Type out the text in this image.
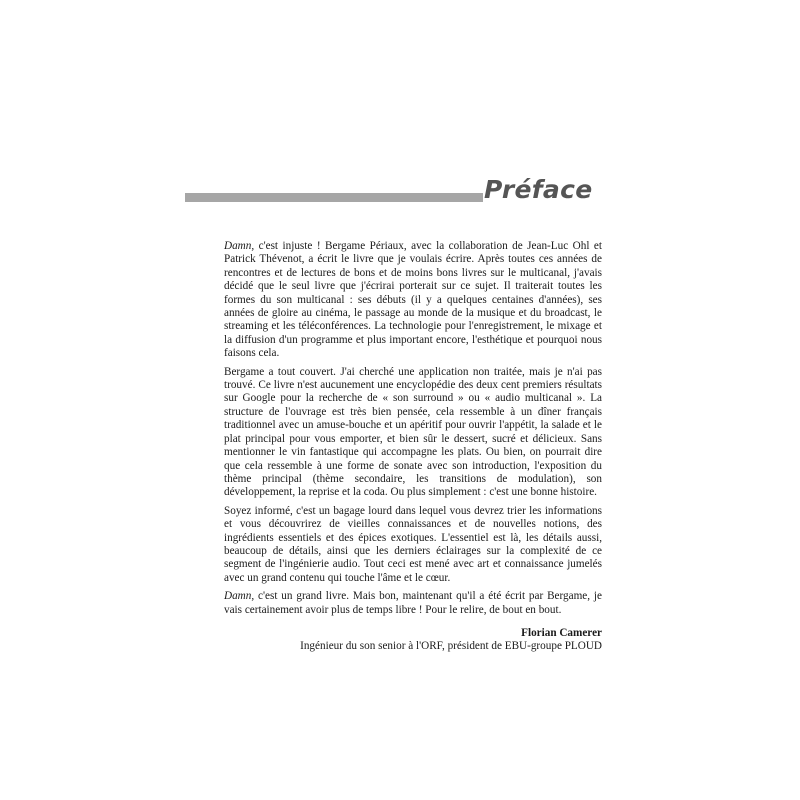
Préface

Damn, c'est injuste ! Bergame Périaux, avec la collaboration de Jean-Luc Ohl et Patrick Thévenot, a écrit le livre que je voulais écrire. Après toutes ces années de rencontres et de lectures de bons et de moins bons livres sur le multicanal, j'avais décidé que le seul livre que j'écrirai porterait sur ce sujet. Il traiterait toutes les formes du son multicanal : ses débuts (il y a quelques centaines d'années), ses années de gloire au cinéma, le passage au monde de la musique et du broadcast, le streaming et les téléconférences. La technologie pour l'enregistrement, le mixage et la diffusion d'un programme et plus important encore, l'esthétique et pourquoi nous faisons cela.

Bergame a tout couvert. J'ai cherché une application non traitée, mais je n'ai pas trouvé. Ce livre n'est aucunement une encyclopédie des deux cent premiers résultats sur Google pour la recherche de « son surround » ou « audio multicanal ». La structure de l'ouvrage est très bien pensée, cela ressemble à un dîner français traditionnel avec un amuse-bouche et un apéritif pour ouvrir l'appétit, la salade et le plat principal pour vous emporter, et bien sûr le dessert, sucré et délicieux. Sans mentionner le vin fantastique qui accompagne les plats. Ou bien, on pourrait dire que cela ressemble à une forme de sonate avec son introduction, l'exposition du thème principal (thème secondaire, les transitions de modulation), son développement, la reprise et la coda. Ou plus simplement : c'est une bonne histoire.

Soyez informé, c'est un bagage lourd dans lequel vous devrez trier les informations et vous découvrirez de vieilles connaissances et de nouvelles notions, des ingrédients essentiels et des épices exotiques. L'essentiel est là, les détails aussi, beaucoup de détails, ainsi que les derniers éclairages sur la complexité de ce segment de l'ingénierie audio. Tout ceci est mené avec art et connaissance jumelés avec un grand contenu qui touche l'âme et le cœur.

Damn, c'est un grand livre. Mais bon, maintenant qu'il a été écrit par Bergame, je vais certainement avoir plus de temps libre ! Pour le relire, de bout en bout.

Florian Camerer
Ingénieur du son senior à l'ORF, président de EBU-groupe PLOUD
